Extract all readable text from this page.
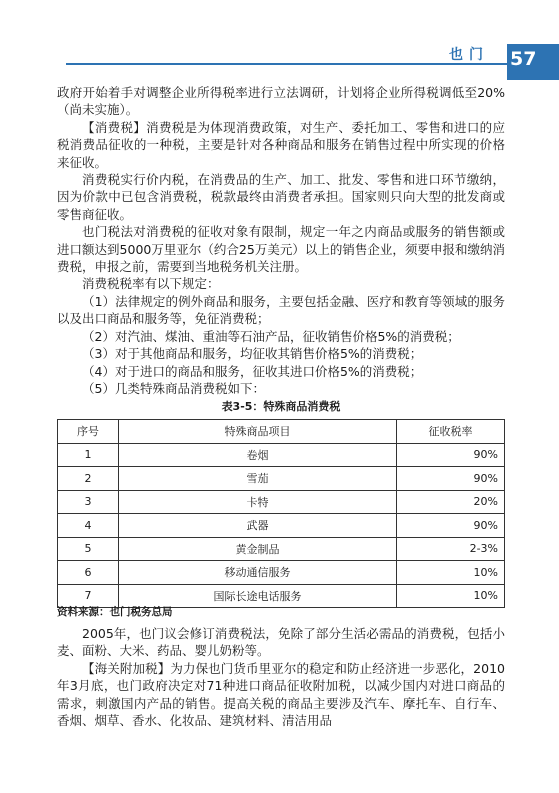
也门 57

政府开始着手对调整企业所得税率进行立法调研，计划将企业所得税调低至20%（尚未实施）。

【消费税】消费税是为体现消费政策，对生产、委托加工、零售和进口的应税消费品征收的一种税，主要是针对各种商品和服务在销售过程中所实现的价格来征收。

消费税实行价内税，在消费品的生产、加工、批发、零售和进口环节缴纳，因为价款中已包含消费税，税款最终由消费者承担。国家则只向大型的批发商或零售商征收。

也门税法对消费税的征收对象有限制，规定一年之内商品或服务的销售额或进口额达到5000万里亚尔（约合25万美元）以上的销售企业，须要申报和缴纳消费税，申报之前，需要到当地税务机关注册。

消费税税率有以下规定：

（1）法律规定的例外商品和服务，主要包括金融、医疗和教育等领域的服务以及出口商品和服务等，免征消费税；

（2）对汽油、煤油、重油等石油产品，征收销售价格5%的消费税；

（3）对于其他商品和服务，均征收其销售价格5%的消费税；

（4）对于进口的商品和服务，征收其进口价格5%的消费税；

（5）几类特殊商品消费税如下：

表3-5：特殊商品消费税
序号	特殊商品项目	征收税率
1	卷烟	90%
2	雪茄	90%
3	卡特	20%
4	武器	90%
5	黄金制品	2-3%
6	移动通信服务	10%
7	国际长途电话服务	10%
资料来源：也门税务总局

2005年，也门议会修订消费税法，免除了部分生活必需品的消费税，包括小麦、面粉、大米、药品、婴儿奶粉等。

【海关附加税】为力保也门货币里亚尔的稳定和防止经济进一步恶化，2010年3月底，也门政府决定对71种进口商品征收附加税，以减少国内对进口商品的需求，刺激国内产品的销售。提高关税的商品主要涉及汽车、摩托车、自行车、香烟、烟草、香水、化妆品、建筑材料、清洁用品
